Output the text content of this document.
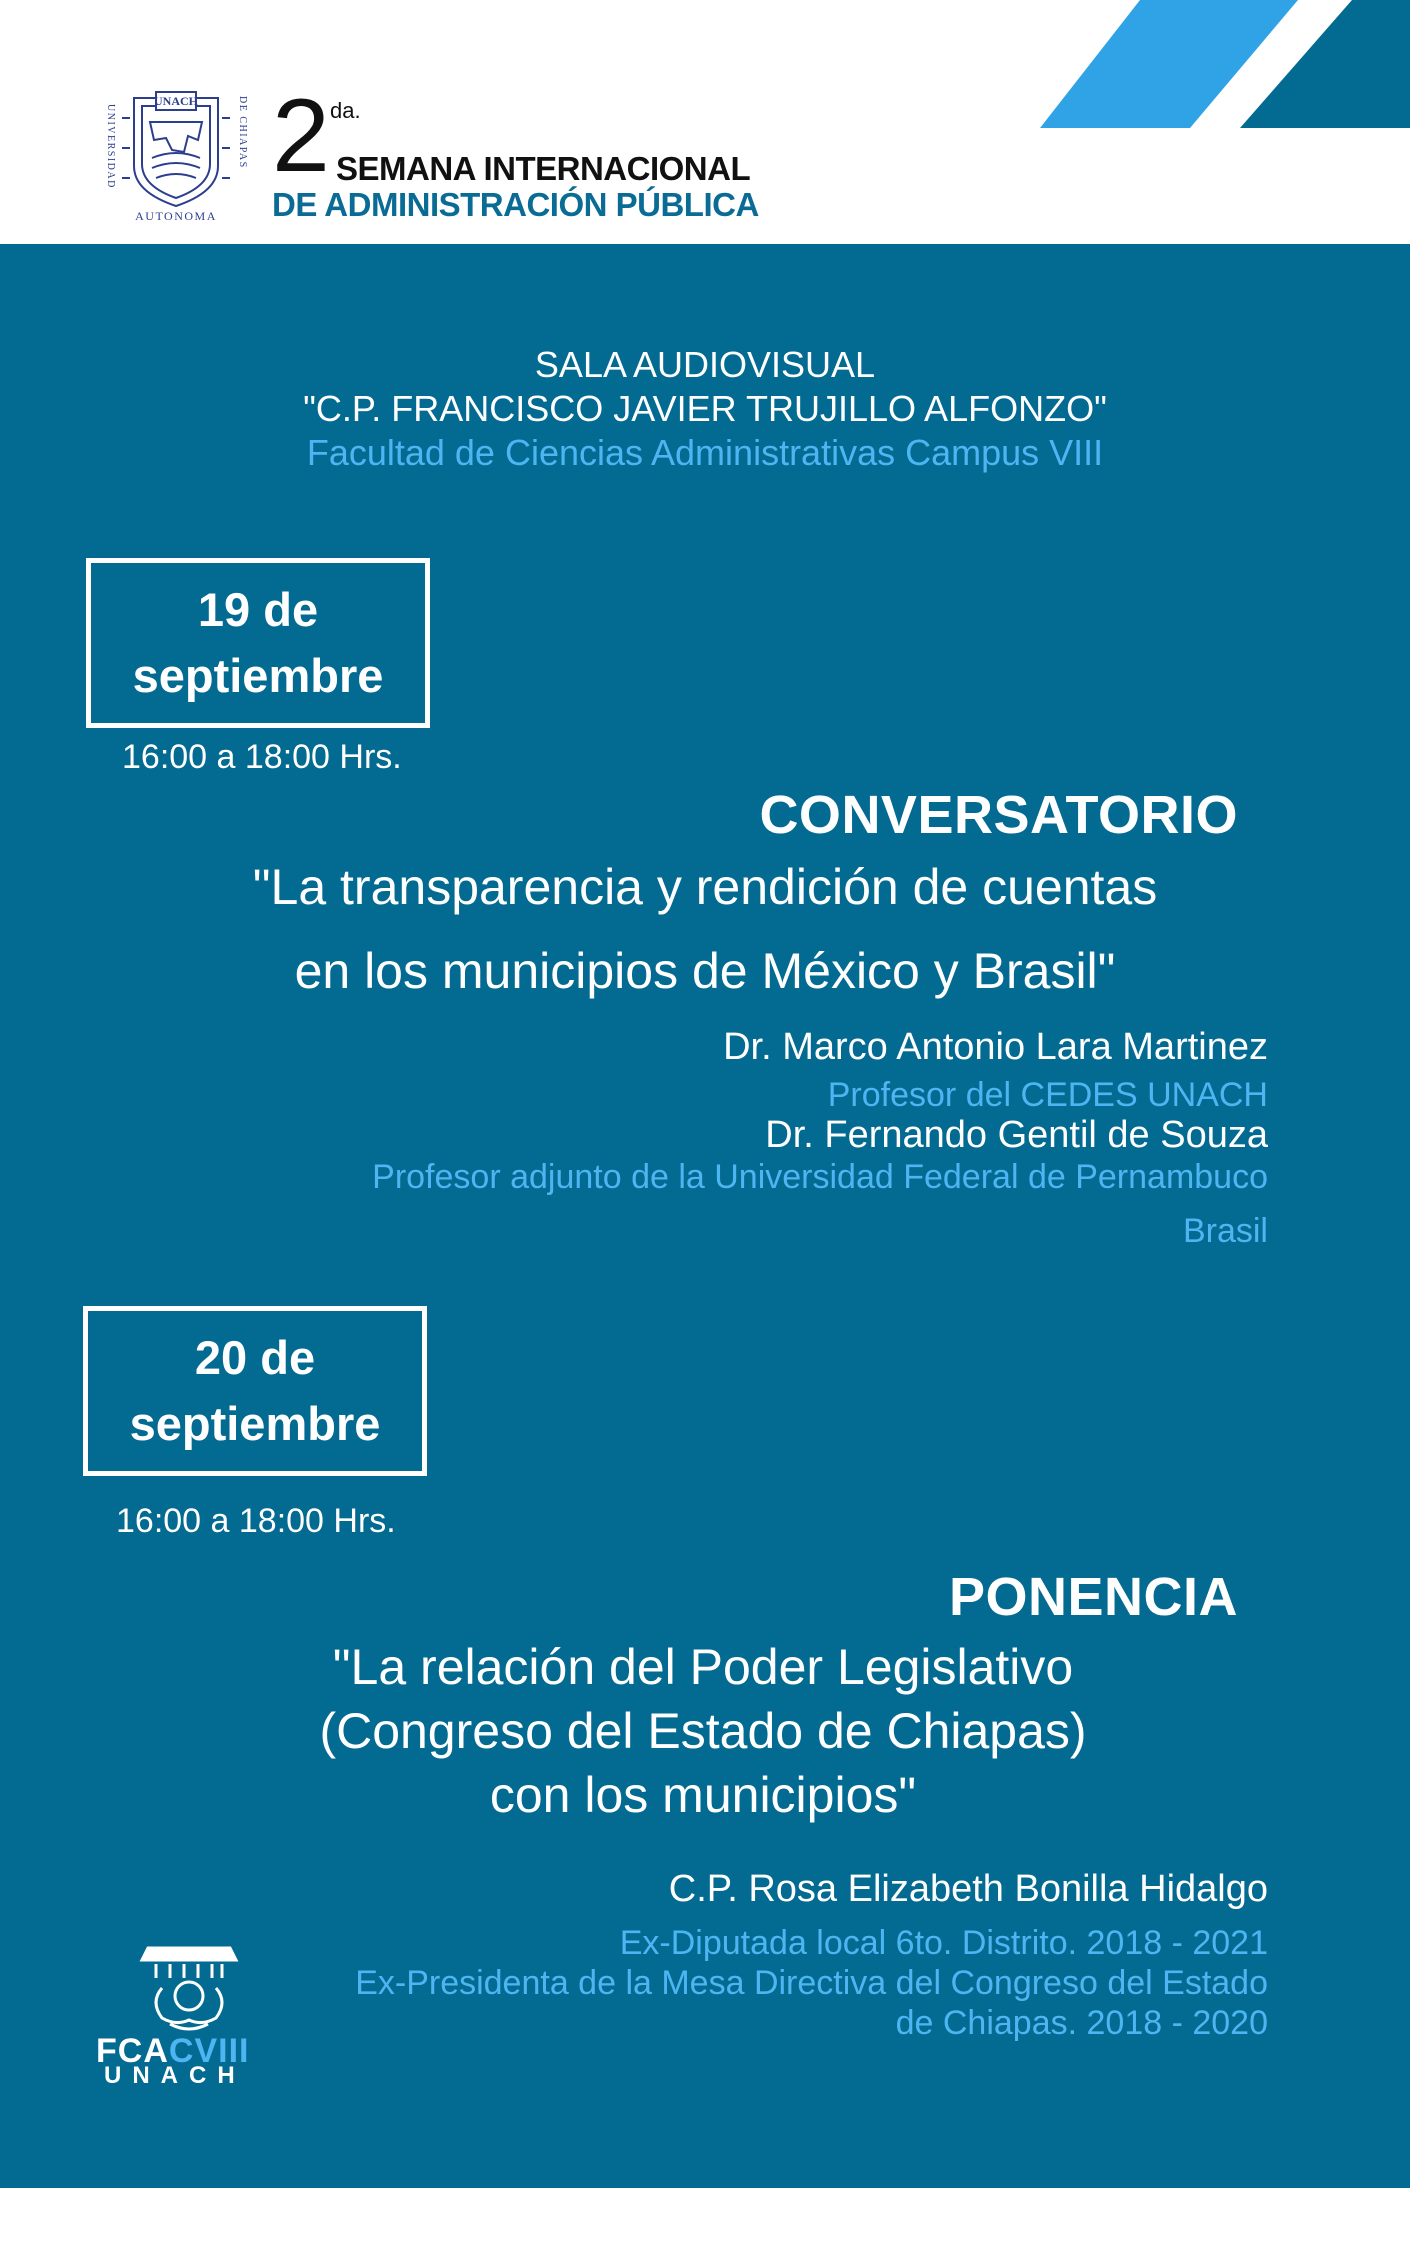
UNACH
AUTONOMA
UNIVERSIDAD	DE CHIAPAS 2 da.
SEMANA INTERNACIONAL
DE ADMINISTRACIÓN PÚBLICA
SALA AUDIOVISUAL
"C.P. FRANCISCO JAVIER TRUJILLO ALFONZO"
Facultad de Ciencias Administrativas Campus VIII
19 de
septiembre
16:00 a 18:00 Hrs.
CONVERSATORIO
"La transparencia y rendición de cuentas
en los municipios de México y Brasil"
Dr. Marco Antonio Lara Martinez
Profesor del CEDES UNACH
Dr. Fernando Gentil de Souza
Profesor adjunto de la Universidad Federal de Pernambuco
Brasil
20 de
septiembre
16:00 a 18:00 Hrs.
PONENCIA
"La relación del Poder Legislativo
(Congreso del Estado de Chiapas)
con los municipios"
C.P. Rosa Elizabeth Bonilla Hidalgo
Ex-Diputada local 6to. Distrito. 2018 - 2021
Ex-Presidenta de la Mesa Directiva del Congreso del Estado
de Chiapas. 2018 - 2020
FCACVIII
UNACH
